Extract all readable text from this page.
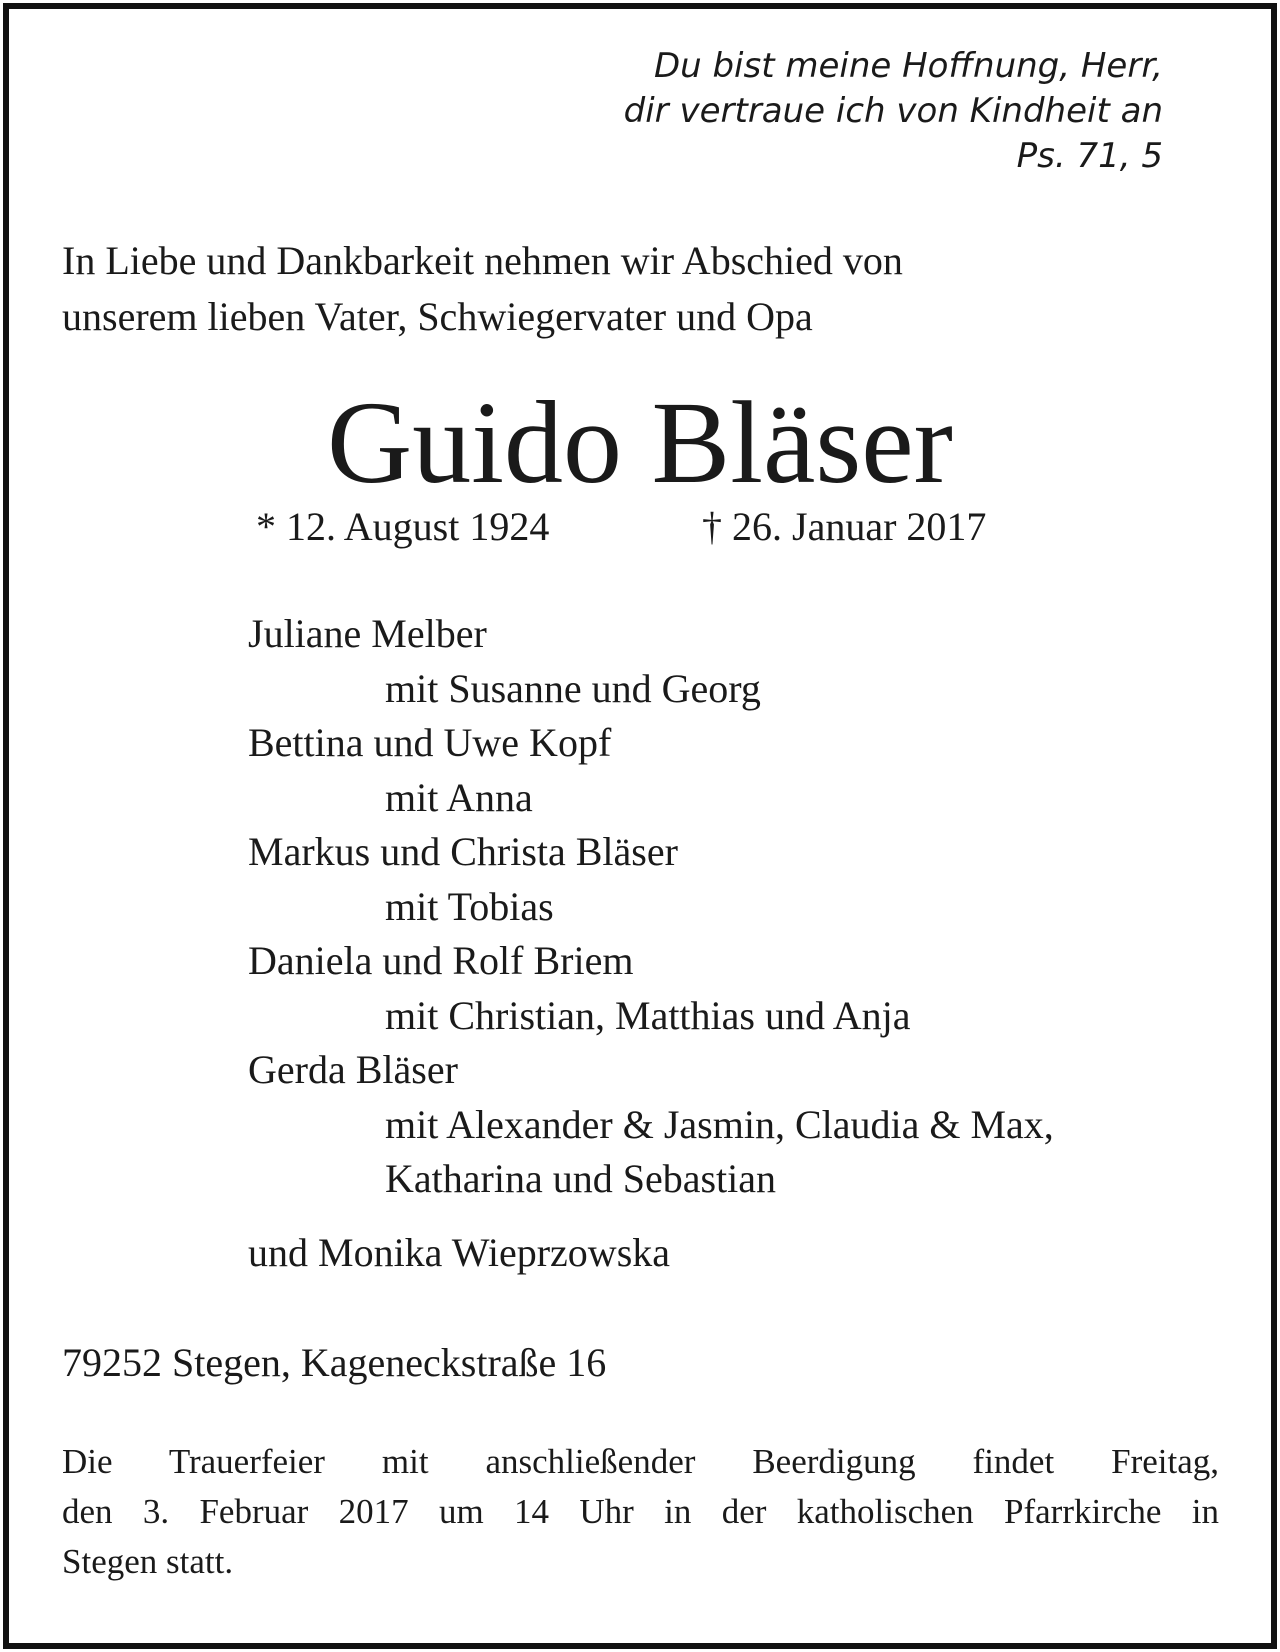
Du bist meine Hoffnung, Herr,
dir vertraue ich von Kindheit an
Ps. 71, 5
In Liebe und Dankbarkeit nehmen wir Abschied von
unserem lieben Vater, Schwiegervater und Opa
Guido Bläser
* 12. August 1924	† 26. Januar 2017
Juliane Melber
mit Susanne und Georg
Bettina und Uwe Kopf
mit Anna
Markus und Christa Bläser
mit Tobias
Daniela und Rolf Briem
mit Christian, Matthias und Anja
Gerda Bläser
mit Alexander & Jasmin, Claudia & Max,
Katharina und Sebastian
und Monika Wieprzowska
79252 Stegen, Kageneckstraße 16
Die Trauerfeier mit anschließender Beerdigung findet Freitag,
den 3. Februar 2017 um 14 Uhr in der katholischen Pfarrkirche in
Stegen statt.
